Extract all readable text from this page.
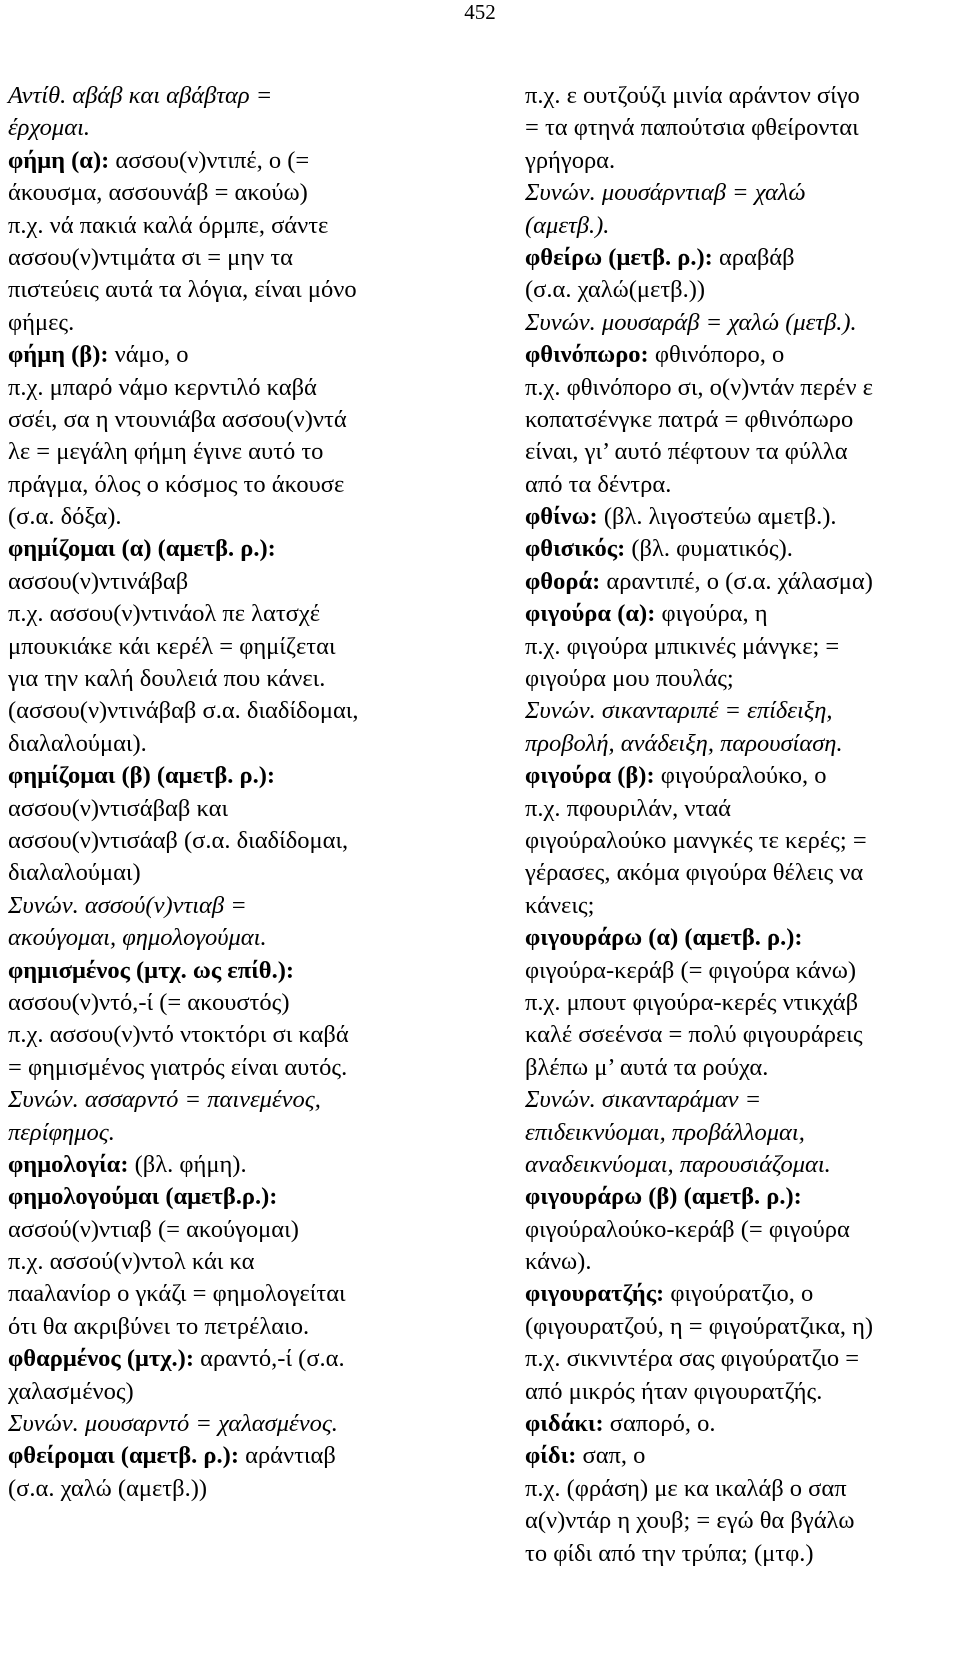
452
Αντίθ. αβάβ και αβάβταρ =
έρχομαι.
φήμη (α): ασσου(ν)ντιπέ, ο (=
άκουσμα, ασσουνάβ = ακούω)
π.χ. νά πακιά καλά όρμπε, σάντε
ασσου(ν)ντιμάτα σι = μην τα
πιστεύεις αυτά τα λόγια, είναι μόνο
φήμες.
φήμη (β): νάμο, ο
π.χ. μπαρό νάμο κερντιλό καβά
σσέι, σα η ντουνιάβα ασσου(ν)ντά
λε = μεγάλη φήμη έγινε αυτό το
πράγμα, όλος ο κόσμος το άκουσε
(σ.α. δόξα).
φημίζομαι (α) (αμετβ. ρ.):
ασσου(ν)ντινάβαβ
π.χ. ασσου(ν)ντινάολ πε λατσχέ
μπουκιάκε κάι κερέλ = φημίζεται
για την καλή δουλειά που κάνει.
(ασσου(ν)ντινάβαβ σ.α. διαδίδομαι,
διαλαλούμαι).
φημίζομαι (β) (αμετβ. ρ.):
ασσου(ν)ντισάβαβ και
ασσου(ν)ντισάαβ (σ.α. διαδίδομαι,
διαλαλούμαι)
Συνών. ασσού(ν)ντιαβ =
ακούγομαι, φημολογούμαι.
φημισμένος (μτχ. ως επίθ.):
ασσου(ν)ντό,-ί (= ακουστός)
π.χ. ασσου(ν)ντό ντοκτόρι σι καβά
= φημισμένος γιατρός είναι αυτός.
Συνών. ασσαρντό = παινεμένος,
περίφημος.
φημολογία: (βλ. φήμη).
φημολογούμαι (αμετβ.ρ.):
ασσού(ν)ντιαβ (= ακούγομαι)
π.χ. ασσού(ν)ντολ κάι κα
παaλανίορ ο γκάζι = φημολογείται
ότι θα ακριβύνει το πετρέλαιο.
φθαρμένος (μτχ.): αραντό,-ί (σ.α.
χαλασμένος)
Συνών. μουσαρντό = χαλασμένος.
φθείρομαι (αμετβ. ρ.): αράντιαβ
(σ.α. χαλώ (αμετβ.))
π.χ. ε ουτζούζι μινία αράντον σίγο
= τα φτηνά παπούτσια φθείρονται
γρήγορα.
Συνών. μουσάρντιαβ = χαλώ
(αμετβ.).
φθείρω (μετβ. ρ.): αραβάβ
(σ.α. χαλώ(μετβ.))
Συνών. μουσαράβ = χαλώ (μετβ.).
φθινόπωρο: φθινόπορο, ο
π.χ. φθινόπορο σι, ο(ν)ντάν περέν ε
κοπατσένγκε πατρά = φθινόπωρο
είναι, γι’ αυτό πέφτουν τα φύλλα
από τα δέντρα.
φθίνω: (βλ. λιγοστεύω αμετβ.).
φθισικός: (βλ. φυματικός).
φθορά: αραντιπέ, ο (σ.α. χάλασμα)
φιγούρα (α): φιγούρα, η
π.χ. φιγούρα μπικινές μάνγκε; =
φιγούρα μου πουλάς;
Συνών. σικανταριπέ = επίδειξη,
προβολή, ανάδειξη, παρουσίαση.
φιγούρα (β): φιγούραλούκο, ο
π.χ. πφουριλάν, νταά
φιγούραλούκο μανγκές τε κερές; =
γέρασες, ακόμα φιγούρα θέλεις να
κάνεις;
φιγουράρω (α) (αμετβ. ρ.):
φιγούρα-κεράβ (= φιγούρα κάνω)
π.χ. μπουτ φιγούρα-κερές ντικχάβ
καλέ σσεένσα = πολύ φιγουράρεις
βλέπω μ’ αυτά τα ρούχα.
Συνών. σικανταράμαν =
επιδεικνύομαι, προβάλλομαι,
αναδεικνύομαι, παρουσιάζομαι.
φιγουράρω (β) (αμετβ. ρ.):
φιγούραλούκο-κεράβ (= φιγούρα
κάνω).
φιγουρατζής: φιγούρατζιο, ο
(φιγουρατζού, η = φιγούρατζικα, η)
π.χ. σικνιντέρα σας φιγούρατζιο =
από μικρός ήταν φιγουρατζής.
φιδάκι: σαπορό, ο.
φίδι: σαπ, ο
π.χ. (φράση) με κα ικαλάβ ο σαπ
α(ν)ντάρ η χουβ; = εγώ θα βγάλω
το φίδι από την τρύπα; (μτφ.)
